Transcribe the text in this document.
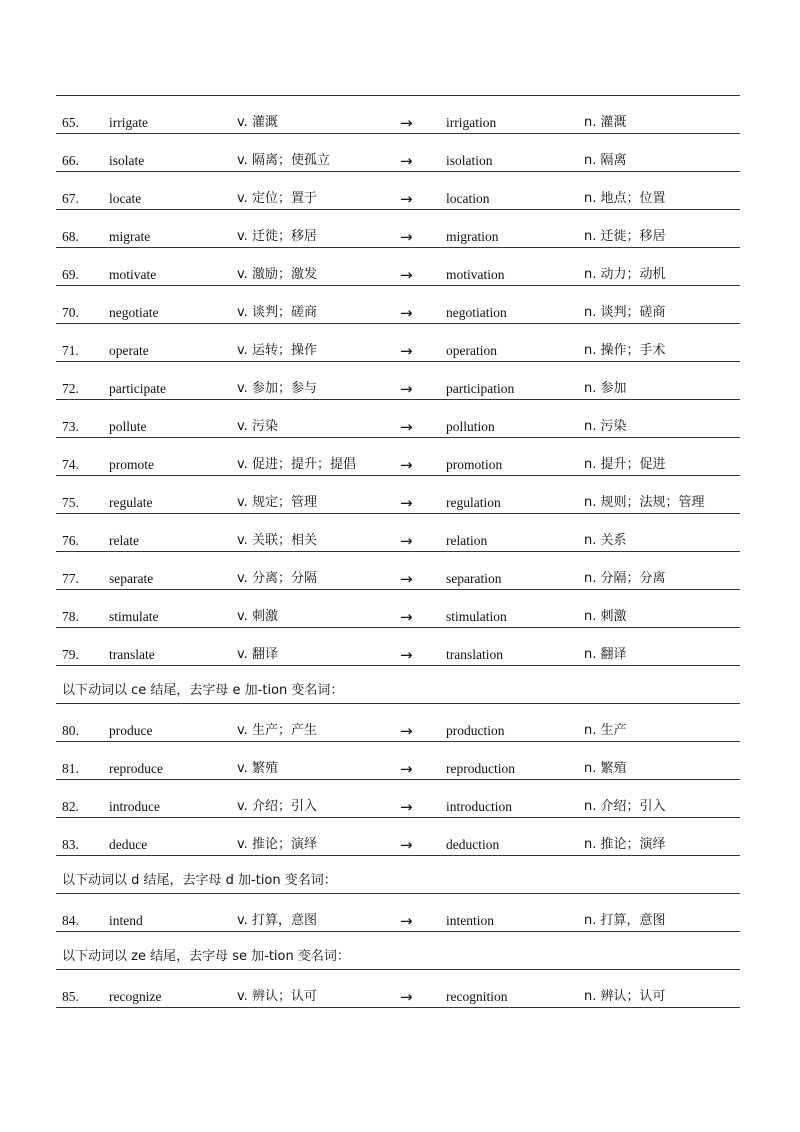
65. irrigate	v. 灌溉	→ irrigation	n. 灌溉
66. isolate	v. 隔离；使孤立	→ isolation	n. 隔离
67. locate	v. 定位；置于	→ location	n. 地点；位置
68. migrate	v. 迁徙；移居	→ migration	n. 迁徙；移居
69. motivate	v. 激励；激发	→ motivation	n. 动力；动机
70. negotiate	v. 谈判；磋商	→ negotiation	n. 谈判；磋商
71. operate	v. 运转；操作	→ operation	n. 操作；手术
72. participate	v. 参加；参与	→ participation	n. 参加
73. pollute	v. 污染	→ pollution	n. 污染
74. promote	v. 促进；提升；提倡	→ promotion	n. 提升；促进
75. regulate	v. 规定；管理	→ regulation	n. 规则；法规；管理
76. relate	v. 关联；相关	→ relation	n. 关系
77. separate	v. 分离；分隔	→ separation	n. 分隔；分离
78. stimulate	v. 刺激	→ stimulation	n. 刺激
79. translate	v. 翻译	→ translation	n. 翻译
以下动词以 ce 结尾，去字母 e 加-tion 变名词：
80. produce	v. 生产；产生	→ production	n. 生产
81. reproduce	v. 繁殖	→ reproduction	n. 繁殖
82. introduce	v. 介绍；引入	→ introduction	n. 介绍；引入
83. deduce	v. 推论；演绎	→ deduction	n. 推论；演绎
以下动词以 d 结尾，去字母 d 加-tion 变名词：
84. intend	v. 打算，意图	→ intention	n. 打算，意图
以下动词以 ze 结尾，去字母 se 加-tion 变名词：
85. recognize	v. 辨认；认可	→ recognition	n. 辨认；认可
